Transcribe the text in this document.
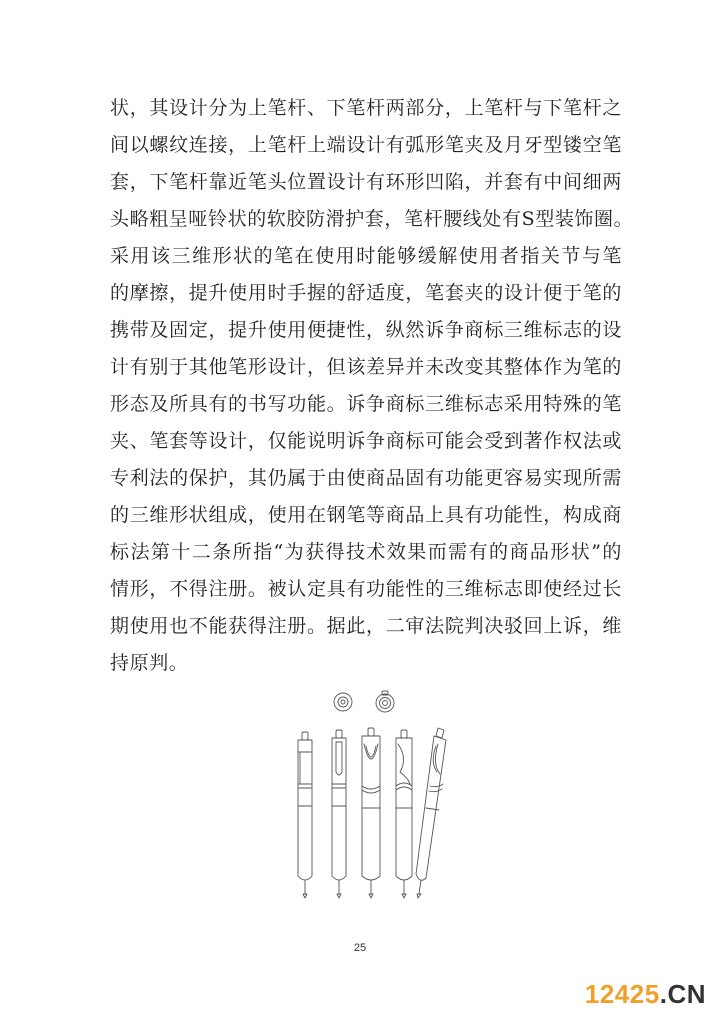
状，其设计分为上笔杆、下笔杆两部分，上笔杆与下笔杆之
间以螺纹连接，上笔杆上端设计有弧形笔夹及月牙型镂空笔
套，下笔杆靠近笔头位置设计有环形凹陷，并套有中间细两
头略粗呈哑铃状的软胶防滑护套，笔杆腰线处有S型装饰圈。
采用该三维形状的笔在使用时能够缓解使用者指关节与笔
的摩擦，提升使用时手握的舒适度，笔套夹的设计便于笔的
携带及固定，提升使用便捷性，纵然诉争商标三维标志的设
计有别于其他笔形设计，但该差异并未改变其整体作为笔的
形态及所具有的书写功能。诉争商标三维标志采用特殊的笔
夹、笔套等设计，仅能说明诉争商标可能会受到著作权法或
专利法的保护，其仍属于由使商品固有功能更容易实现所需
的三维形状组成，使用在钢笔等商品上具有功能性，构成商
标法第十二条所指“为获得技术效果而需有的商品形状”的
情形，不得注册。被认定具有功能性的三维标志即使经过长
期使用也不能获得注册。据此，二审法院判决驳回上诉，维
持原判。
25
12425.CN
